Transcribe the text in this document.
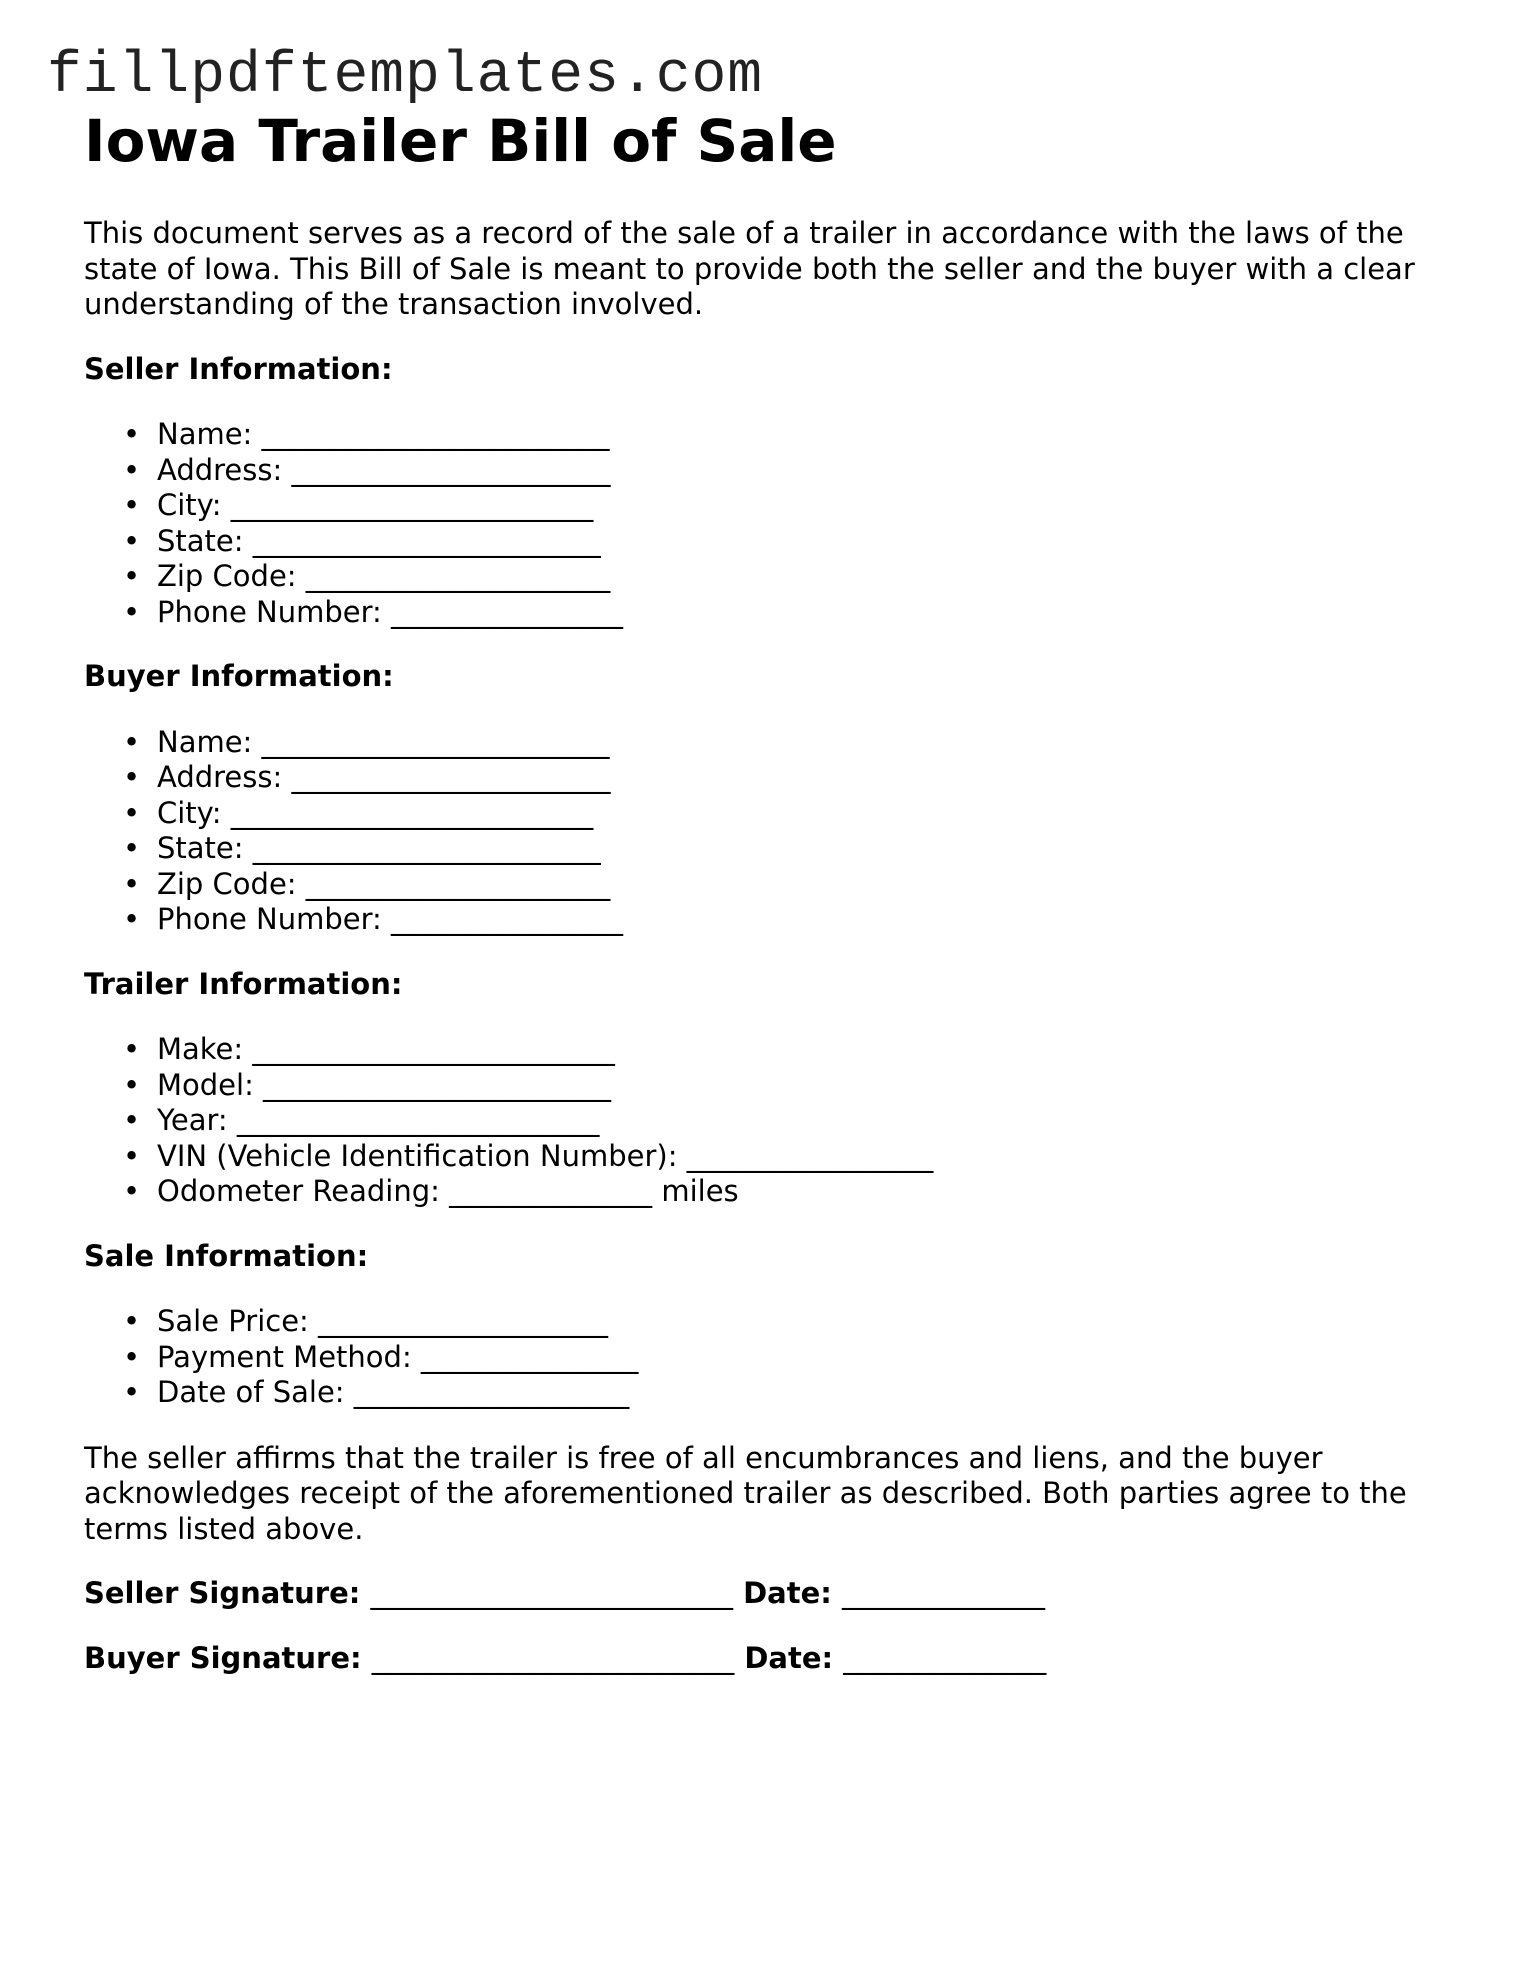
fillpdftemplates.com
Iowa Trailer Bill of Sale

This document serves as a record of the sale of a trailer in accordance with the laws of the state of Iowa. This Bill of Sale is meant to provide both the seller and the buyer with a clear understanding of the transaction involved.

Seller Information:
• Name: ________________________
• Address: ______________________
• City: _________________________
• State: ________________________
• Zip Code: _____________________
• Phone Number: ________________
Buyer Information:
• Name: ________________________
• Address: ______________________
• City: _________________________
• State: ________________________
• Zip Code: _____________________
• Phone Number: ________________
Trailer Information:
• Make: _________________________
• Model: ________________________
• Year: _________________________
• VIN (Vehicle Identification Number): _________________
• Odometer Reading: ______________ miles
Sale Information:
• Sale Price: ____________________
• Payment Method: _______________
• Date of Sale: ___________________

The seller affirms that the trailer is free of all encumbrances and liens, and the buyer acknowledges receipt of the aforementioned trailer as described. Both parties agree to the terms listed above.

Seller Signature: _________________________ Date: ______________

Buyer Signature: _________________________ Date: ______________
